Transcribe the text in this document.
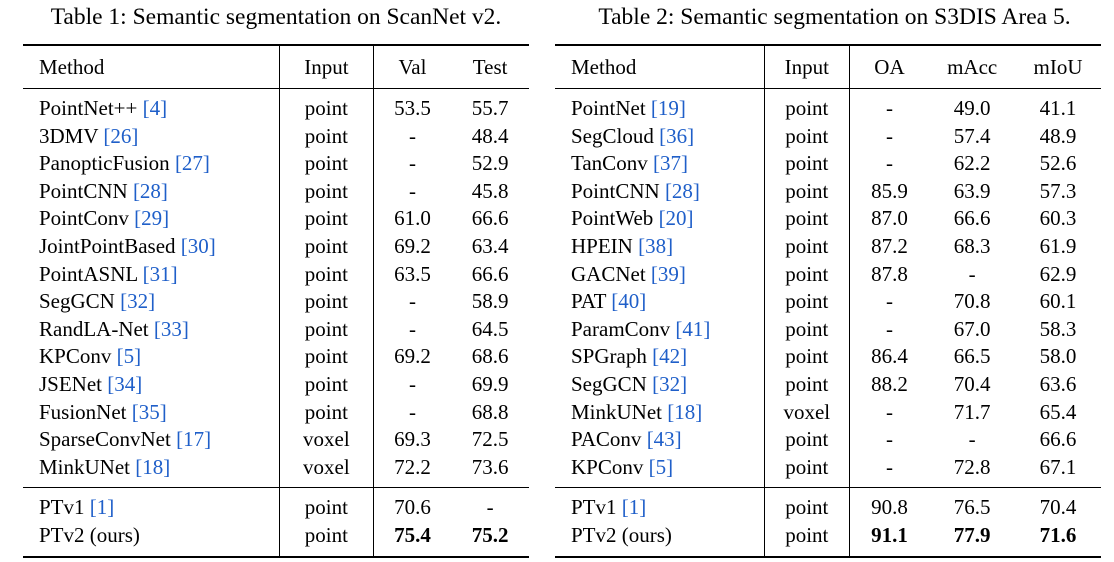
Table 1: Semantic segmentation on ScanNet v2.
Method	Input	Val	Test
PointNet++ [4]	point	53.5	55.7
3DMV [26]	point	-	48.4
PanopticFusion [27]	point	-	52.9
PointCNN [28]	point	-	45.8
PointConv [29]	point	61.0	66.6
JointPointBased [30]	point	69.2	63.4
PointASNL [31]	point	63.5	66.6
SegGCN [32]	point	-	58.9
RandLA-Net [33]	point	-	64.5
KPConv [5]	point	69.2	68.6
JSENet [34]	point	-	69.9
FusionNet [35]	point	-	68.8
SparseConvNet [17]	voxel	69.3	72.5
MinkUNet [18]	voxel	72.2	73.6
PTv1 [1]	point	70.6	-
PTv2 (ours)	point	75.4	75.2
Table 2: Semantic segmentation on S3DIS Area 5.
Method	Input	OA	mAcc	mIoU
PointNet [19]	point	-	49.0	41.1
SegCloud [36]	point	-	57.4	48.9
TanConv [37]	point	-	62.2	52.6
PointCNN [28]	point	85.9	63.9	57.3
PointWeb [20]	point	87.0	66.6	60.3
HPEIN [38]	point	87.2	68.3	61.9
GACNet [39]	point	87.8	-	62.9
PAT [40]	point	-	70.8	60.1
ParamConv [41]	point	-	67.0	58.3
SPGraph [42]	point	86.4	66.5	58.0
SegGCN [32]	point	88.2	70.4	63.6
MinkUNet [18]	voxel	-	71.7	65.4
PAConv [43]	point	-	-	66.6
KPConv [5]	point	-	72.8	67.1
PTv1 [1]	point	90.8	76.5	70.4
PTv2 (ours)	point	91.1	77.9	71.6
